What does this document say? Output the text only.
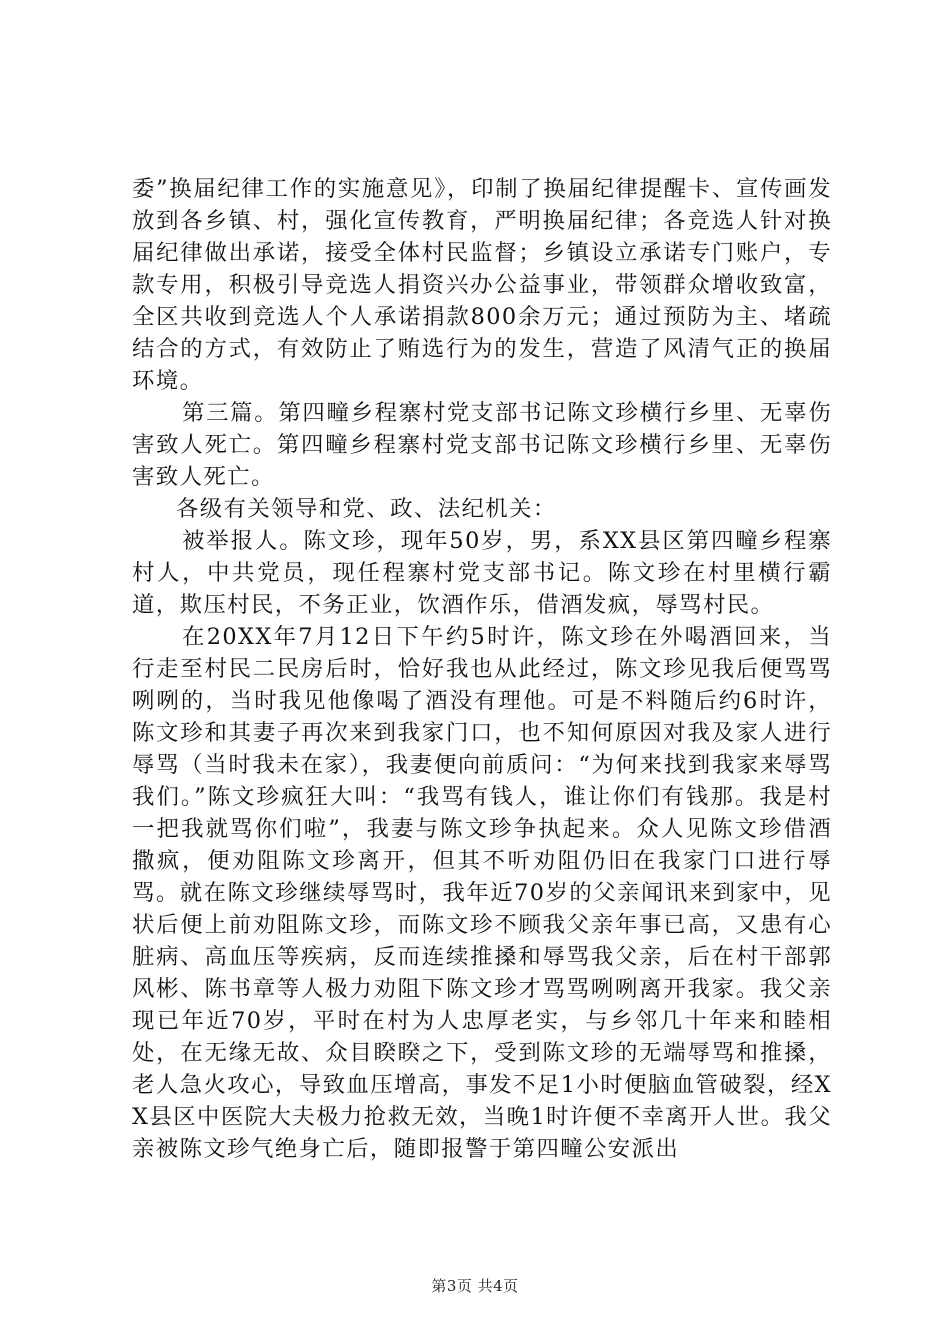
委”换届纪律工作的实施意见》，印制了换届纪律提醒卡、宣传画发放到各乡镇、村，强化宣传教育，严明换届纪律；各竞选人针对换届纪律做出承诺，接受全体村民监督；乡镇设立承诺专门账户，专款专用，积极引导竞选人捐资兴办公益事业，带领群众增收致富，全区共收到竞选人个人承诺捐款800余万元；通过预防为主、堵疏结合的方式，有效防止了贿选行为的发生，营造了风清气正的换届环境。

第三篇。第四疃乡程寨村党支部书记陈文珍横行乡里、无辜伤害致人死亡。第四疃乡程寨村党支部书记陈文珍横行乡里、无辜伤害致人死亡。

各级有关领导和党、政、法纪机关：

被举报人。陈文珍，现年50岁，男，系XX县区第四疃乡程寨村人，中共党员，现任程寨村党支部书记。陈文珍在村里横行霸道，欺压村民，不务正业，饮酒作乐，借酒发疯，辱骂村民。

在20XX年7月12日下午约5时许，陈文珍在外喝酒回来，当行走至村民二民房后时，恰好我也从此经过，陈文珍见我后便骂骂咧咧的，当时我见他像喝了酒没有理他。可是不料随后约6时许，陈文珍和其妻子再次来到我家门口，也不知何原因对我及家人进行辱骂（当时我未在家），我妻便向前质问：“为何来找到我家来辱骂我们。”陈文珍疯狂大叫：“我骂有钱人，谁让你们有钱那。我是村一把我就骂你们啦”，我妻与陈文珍争执起来。众人见陈文珍借酒撒疯，便劝阻陈文珍离开，但其不听劝阻仍旧在我家门口进行辱骂。就在陈文珍继续辱骂时，我年近70岁的父亲闻讯来到家中，见状后便上前劝阻陈文珍，而陈文珍不顾我父亲年事已高，又患有心脏病、高血压等疾病，反而连续推搡和辱骂我父亲，后在村干部郭风彬、陈书章等人极力劝阻下陈文珍才骂骂咧咧离开我家。我父亲现已年近70岁，平时在村为人忠厚老实，与乡邻几十年来和睦相处，在无缘无故、众目睽睽之下，受到陈文珍的无端辱骂和推搡，老人急火攻心，导致血压增高，事发不足1小时便脑血管破裂，经XX县区中医院大夫极力抢救无效，当晚1时许便不幸离开人世。我父亲被陈文珍气绝身亡后，随即报警于第四疃公安派出

第3页 共4页
